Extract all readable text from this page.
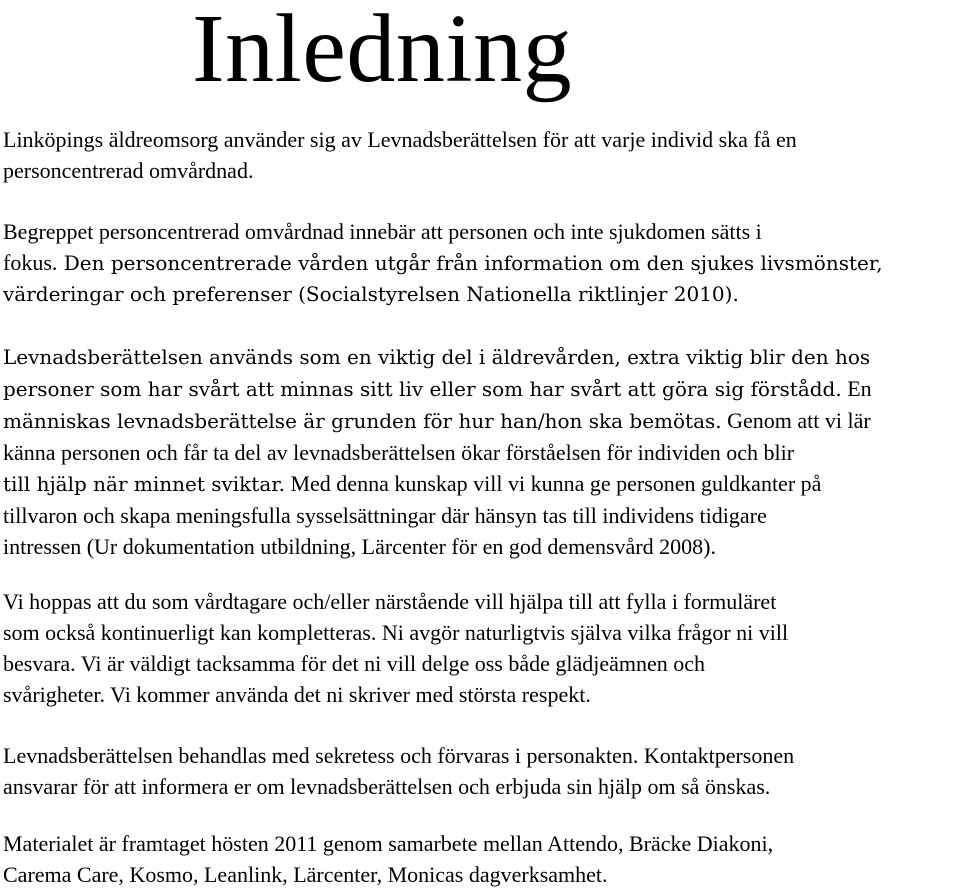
Inledning

Linköpings äldreomsorg använder sig av Levnadsberättelsen för att varje individ ska få en
personcentrerad omvårdnad.

Begreppet personcentrerad omvårdnad innebär att personen och inte sjukdomen sätts i
fokus. Den personcentrerade vården utgår från information om den sjukes livsmönster,
värderingar och preferenser (Socialstyrelsen Nationella riktlinjer 2010).

Levnadsberättelsen används som en viktig del i äldrevården, extra viktig blir den hos
personer som har svårt att minnas sitt liv eller som har svårt att göra sig förstådd. En
människas levnadsberättelse är grunden för hur han/hon ska bemötas. Genom att vi lär
känna personen och får ta del av levnadsberättelsen ökar förståelsen för individen och blir
till hjälp när minnet sviktar. Med denna kunskap vill vi kunna ge personen guldkanter på
tillvaron och skapa meningsfulla sysselsättningar där hänsyn tas till individens tidigare
intressen (Ur dokumentation utbildning, Lärcenter för en god demensvård 2008).

Vi hoppas att du som vårdtagare och/eller närstående vill hjälpa till att fylla i formuläret
som också kontinuerligt kan kompletteras. Ni avgör naturligtvis själva vilka frågor ni vill
besvara. Vi är väldigt tacksamma för det ni vill delge oss både glädjeämnen och
svårigheter. Vi kommer använda det ni skriver med största respekt.

Levnadsberättelsen behandlas med sekretess och förvaras i personakten. Kontaktpersonen
ansvarar för att informera er om levnadsberättelsen och erbjuda sin hjälp om så önskas.

Materialet är framtaget hösten 2011 genom samarbete mellan Attendo, Bräcke Diakoni,
Carema Care, Kosmo, Leanlink, Lärcenter, Monicas dagverksamhet.
